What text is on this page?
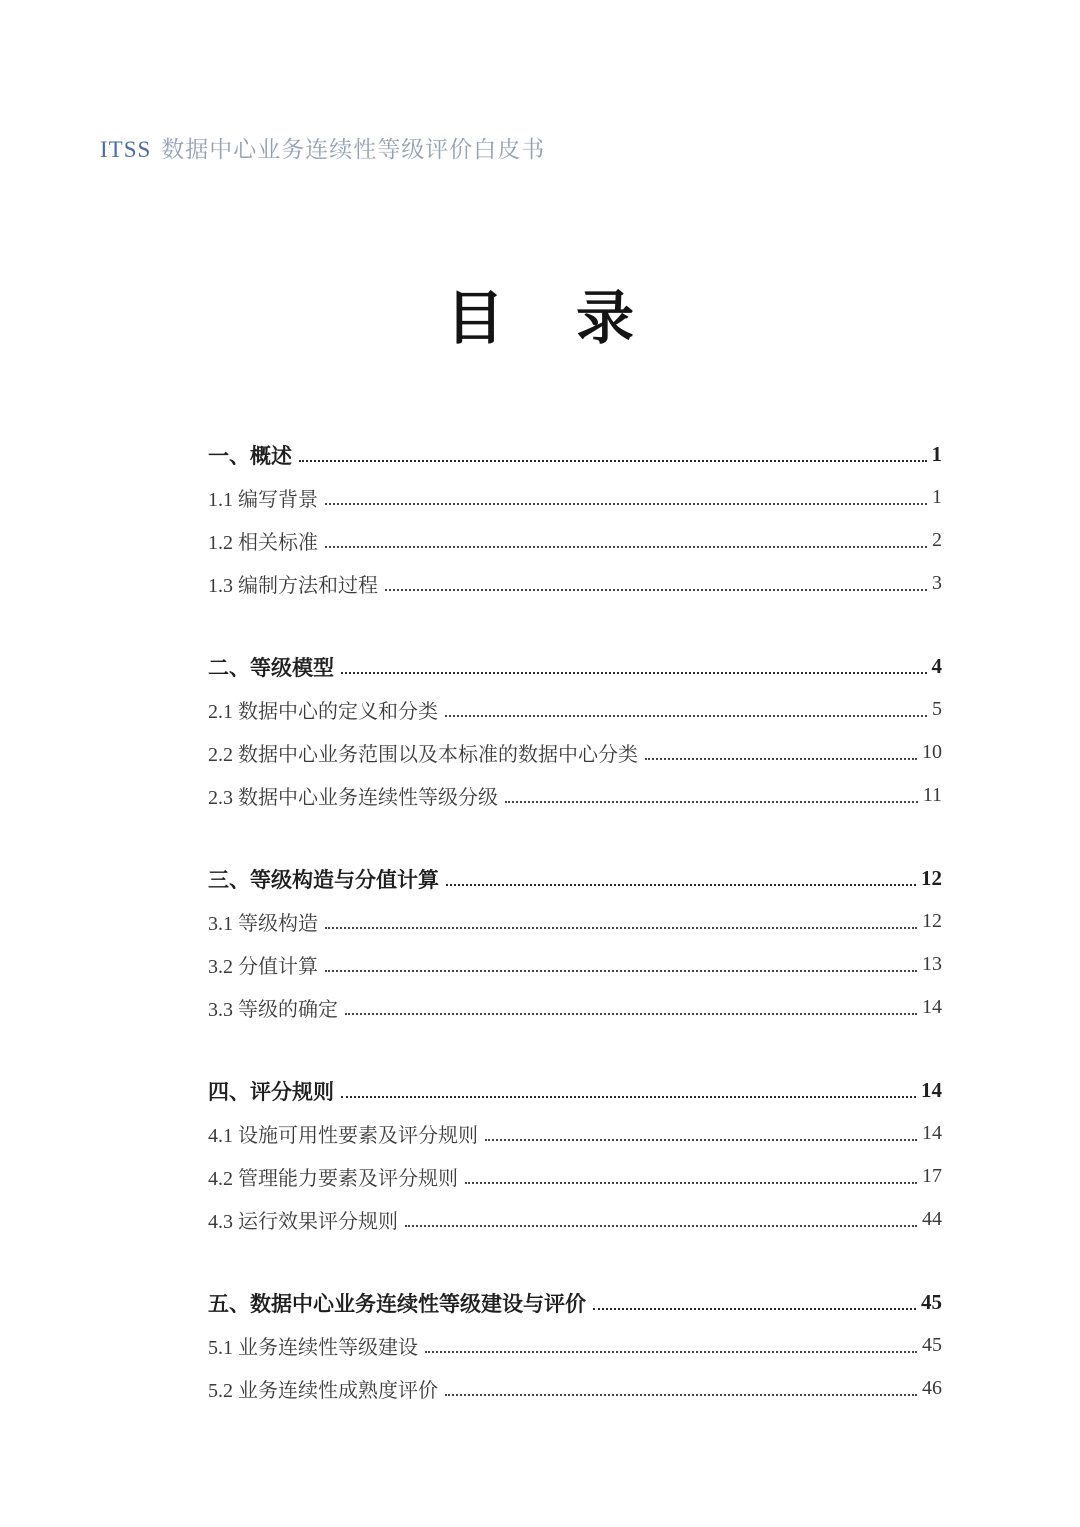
ITSS 数据中心业务连续性等级评价白皮书
目 录
一、概述	1
1.1 编写背景	1
1.2 相关标准	2
1.3 编制方法和过程	3
二、等级模型	4
2.1 数据中心的定义和分类	5
2.2 数据中心业务范围以及本标准的数据中心分类	10
2.3 数据中心业务连续性等级分级	11
三、等级构造与分值计算	12
3.1 等级构造	12
3.2 分值计算	13
3.3 等级的确定	14
四、评分规则	14
4.1 设施可用性要素及评分规则	14
4.2 管理能力要素及评分规则	17
4.3 运行效果评分规则	44
五、数据中心业务连续性等级建设与评价	45
5.1 业务连续性等级建设	45
5.2 业务连续性成熟度评价	46
